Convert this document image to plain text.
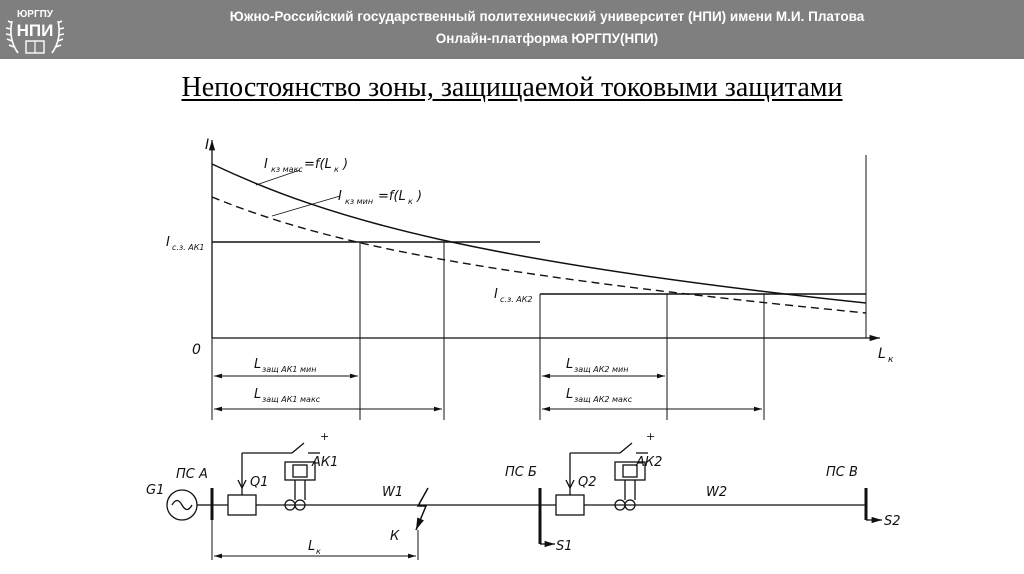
ЮРГПУ
НПИ
Южно-Российский государственный политехнический университет (НПИ) имени М.И. Платова
Онлайн-платформа ЮРГПУ(НПИ)
Непостоянство зоны, защищаемой токовыми защитами
I
L к
0
I кз макс =f(L к )
I кз мин =f(L к )
I с.з. АК1
I с.з. АК2
L защ АК1 мин
L защ АК1 макс
L защ АК2 мин
L защ АК2 макс
G1
ПС А
Q1
АК1
W1
К
ПС Б
Q2
АК2
W2
ПС В
S1
S2
L к
+	+
